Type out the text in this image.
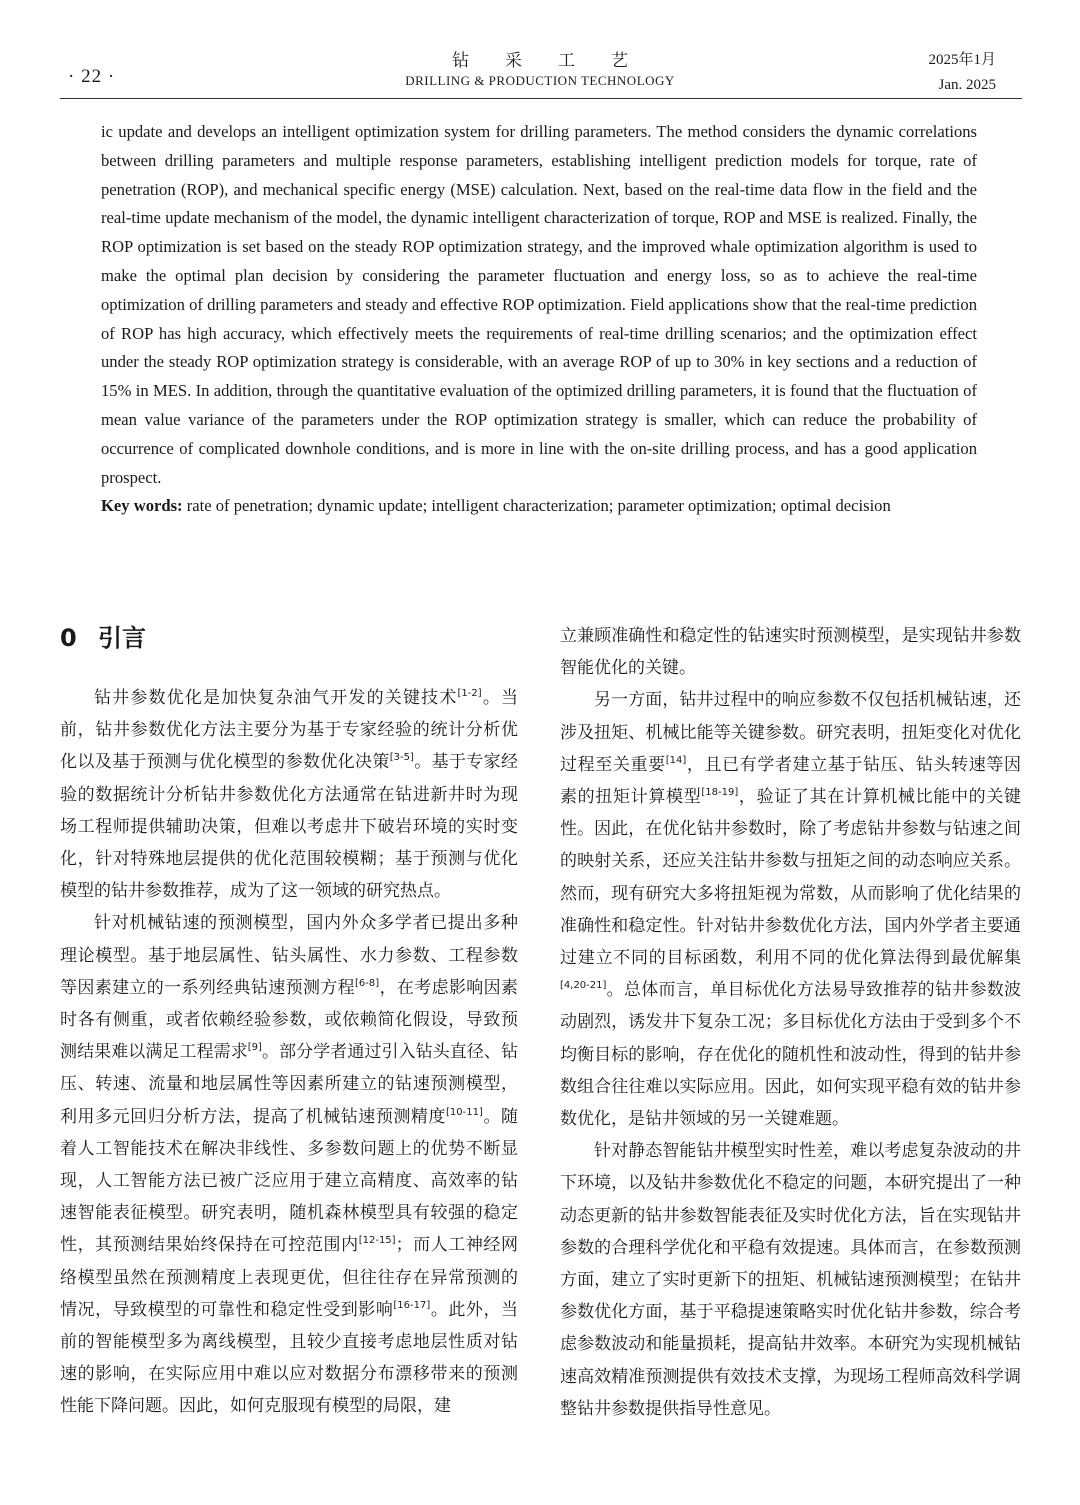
· 22 ·
钻采工艺
DRILLING & PRODUCTION TECHNOLOGY
2025年1月
Jan. 2025

ic update and develops an intelligent optimization system for drilling parameters. The method considers the dynamic correlations between drilling parameters and multiple response parameters, establishing intelligent prediction models for torque, rate of penetration (ROP), and mechanical specific energy (MSE) calculation. Next, based on the real-time data flow in the field and the real-time update mechanism of the model, the dynamic intelligent characterization of torque, ROP and MSE is realized. Finally, the ROP optimization is set based on the steady ROP optimization strategy, and the improved whale optimization algorithm is used to make the optimal plan decision by considering the parameter fluctuation and energy loss, so as to achieve the real-time optimization of drilling parameters and steady and effective ROP optimization. Field applications show that the real-time prediction of ROP has high accuracy, which effectively meets the requirements of real-time drilling scenarios; and the optimization effect under the steady ROP optimization strategy is considerable, with an average ROP of up to 30% in key sections and a reduction of 15% in MES. In addition, through the quantitative evaluation of the optimized drilling parameters, it is found that the fluctuation of mean value variance of the parameters under the ROP optimization strategy is smaller, which can reduce the probability of occurrence of complicated downhole conditions, and is more in line with the on-site drilling process, and has a good application prospect.

Key words: rate of penetration; dynamic update; intelligent characterization; parameter optimization; optimal decision

0 引言

钻井参数优化是加快复杂油气开发的关键技术[1-2]。当前，钻井参数优化方法主要分为基于专家经验的统计分析优化以及基于预测与优化模型的参数优化决策[3-5]。基于专家经验的数据统计分析钻井参数优化方法通常在钻进新井时为现场工程师提供辅助决策，但难以考虑井下破岩环境的实时变化，针对特殊地层提供的优化范围较模糊；基于预测与优化模型的钻井参数推荐，成为了这一领域的研究热点。

针对机械钻速的预测模型，国内外众多学者已提出多种理论模型。基于地层属性、钻头属性、水力参数、工程参数等因素建立的一系列经典钻速预测方程[6-8]，在考虑影响因素时各有侧重，或者依赖经验参数，或依赖简化假设，导致预测结果难以满足工程需求[9]。部分学者通过引入钻头直径、钻压、转速、流量和地层属性等因素所建立的钻速预测模型，利用多元回归分析方法，提高了机械钻速预测精度[10-11]。随着人工智能技术在解决非线性、多参数问题上的优势不断显现，人工智能方法已被广泛应用于建立高精度、高效率的钻速智能表征模型。研究表明，随机森林模型具有较强的稳定性，其预测结果始终保持在可控范围内[12-15]；而人工神经网络模型虽然在预测精度上表现更优，但往往存在异常预测的情况，导致模型的可靠性和稳定性受到影响[16-17]。此外，当前的智能模型多为离线模型，且较少直接考虑地层性质对钻速的影响，在实际应用中难以应对数据分布漂移带来的预测性能下降问题。因此，如何克服现有模型的局限，建

立兼顾准确性和稳定性的钻速实时预测模型，是实现钻井参数智能优化的关键。

另一方面，钻井过程中的响应参数不仅包括机械钻速，还涉及扭矩、机械比能等关键参数。研究表明，扭矩变化对优化过程至关重要[14]，且已有学者建立基于钻压、钻头转速等因素的扭矩计算模型[18-19]，验证了其在计算机械比能中的关键性。因此，在优化钻井参数时，除了考虑钻井参数与钻速之间的映射关系，还应关注钻井参数与扭矩之间的动态响应关系。然而，现有研究大多将扭矩视为常数，从而影响了优化结果的准确性和稳定性。针对钻井参数优化方法，国内外学者主要通过建立不同的目标函数，利用不同的优化算法得到最优解集[4,20-21]。总体而言，单目标优化方法易导致推荐的钻井参数波动剧烈，诱发井下复杂工况；多目标优化方法由于受到多个不均衡目标的影响，存在优化的随机性和波动性，得到的钻井参数组合往往难以实际应用。因此，如何实现平稳有效的钻井参数优化，是钻井领域的另一关键难题。

针对静态智能钻井模型实时性差，难以考虑复杂波动的井下环境，以及钻井参数优化不稳定的问题，本研究提出了一种动态更新的钻井参数智能表征及实时优化方法，旨在实现钻井参数的合理科学优化和平稳有效提速。具体而言，在参数预测方面，建立了实时更新下的扭矩、机械钻速预测模型；在钻井参数优化方面，基于平稳提速策略实时优化钻井参数，综合考虑参数波动和能量损耗，提高钻井效率。本研究为实现机械钻速高效精准预测提供有效技术支撑，为现场工程师高效科学调整钻井参数提供指导性意见。
